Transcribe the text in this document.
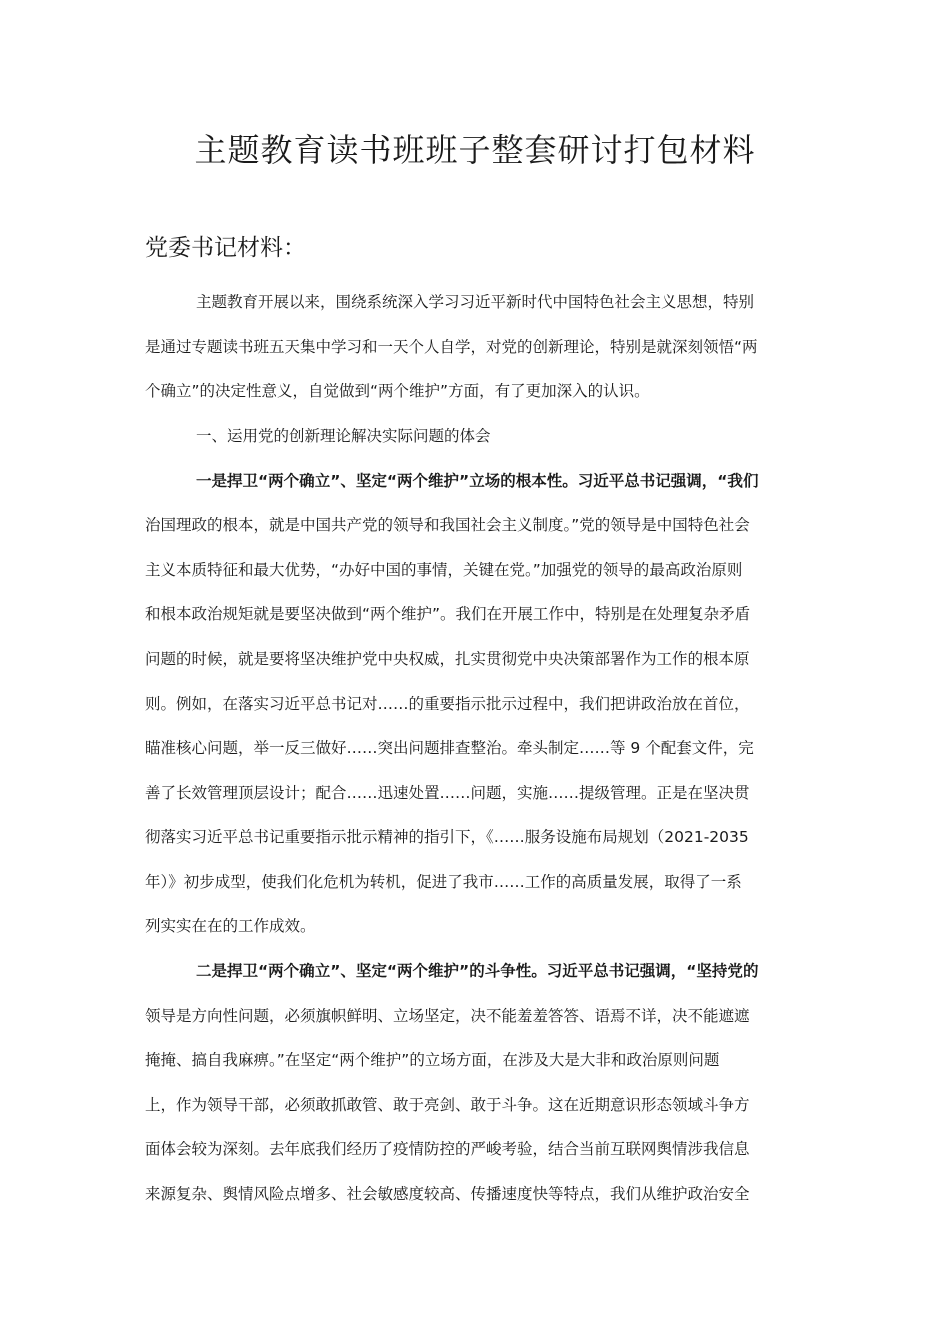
主题教育读书班班子整套研讨打包材料
党委书记材料：

主题教育开展以来，围绕系统深入学习习近平新时代中国特色社会主义思想，特别

是通过专题读书班五天集中学习和一天个人自学，对党的创新理论，特别是就深刻领悟“两

个确立”的决定性意义，自觉做到“两个维护”方面，有了更加深入的认识。

一、运用党的创新理论解决实际问题的体会

一是捍卫“两个确立”、坚定“两个维护”立场的根本性。习近平总书记强调，“我们

治国理政的根本，就是中国共产党的领导和我国社会主义制度。”党的领导是中国特色社会

主义本质特征和最大优势，“办好中国的事情，关键在党。”加强党的领导的最高政治原则

和根本政治规矩就是要坚决做到“两个维护”。我们在开展工作中，特别是在处理复杂矛盾

问题的时候，就是要将坚决维护党中央权威，扎实贯彻党中央决策部署作为工作的根本原

则。例如，在落实习近平总书记对……的重要指示批示过程中，我们把讲政治放在首位，

瞄准核心问题，举一反三做好……突出问题排查整治。牵头制定……等 9 个配套文件，完

善了长效管理顶层设计；配合……迅速处置……问题，实施……提级管理。正是在坚决贯

彻落实习近平总书记重要指示批示精神的指引下，《……服务设施布局规划（2021-2035

年）》初步成型，使我们化危机为转机，促进了我市……工作的高质量发展，取得了一系

列实实在在的工作成效。

二是捍卫“两个确立”、坚定“两个维护”的斗争性。习近平总书记强调，“坚持党的

领导是方向性问题，必须旗帜鲜明、立场坚定，决不能羞羞答答、语焉不详，决不能遮遮

掩掩、搞自我麻痹。”在坚定“两个维护”的立场方面，在涉及大是大非和政治原则问题

上，作为领导干部，必须敢抓敢管、敢于亮剑、敢于斗争。这在近期意识形态领域斗争方

面体会较为深刻。去年底我们经历了疫情防控的严峻考验，结合当前互联网舆情涉我信息

来源复杂、舆情风险点增多、社会敏感度较高、传播速度快等特点，我们从维护政治安全
